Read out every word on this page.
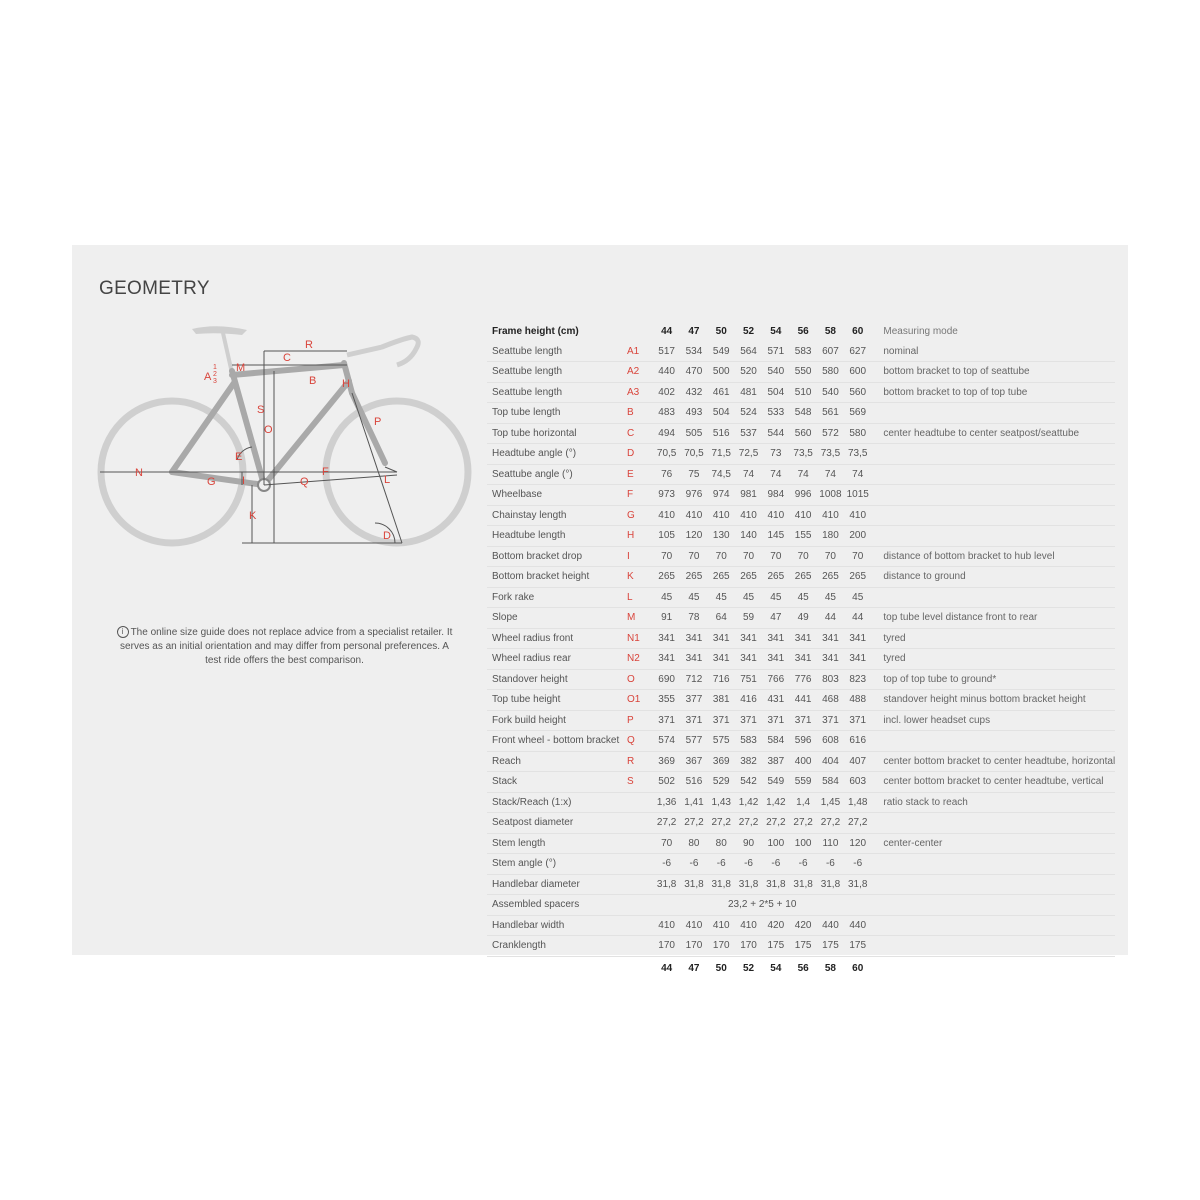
GEOMETRY
A
1
2
3
M
C
R
B H
S
O
P
E
N
G I	Q
F
L
K
D
i The online size guide does not replace advice from a specialist retailer. It serves as an initial orientation and may differ from personal preferences. A test ride offers the best comparison.
Frame height (cm)		44	47	50	52	54	56	58	60	Measuring mode
Seattube length	A1	517	534	549	564	571	583	607	627	nominal
Seattube length	A2	440	470	500	520	540	550	580	600	bottom bracket to top of seattube
Seattube length	A3	402	432	461	481	504	510	540	560	bottom bracket to top of top tube
Top tube length	B	483	493	504	524	533	548	561	569	
Top tube horizontal	C	494	505	516	537	544	560	572	580	center headtube to center seatpost/seattube
Headtube angle (°)	D	70,5	70,5	71,5	72,5	73	73,5	73,5	73,5	
Seattube angle (°)	E	76	75	74,5	74	74	74	74	74	
Wheelbase	F	973	976	974	981	984	996	1008	1015	
Chainstay length	G	410	410	410	410	410	410	410	410	
Headtube length	H	105	120	130	140	145	155	180	200	
Bottom bracket drop	I	70	70	70	70	70	70	70	70	distance of bottom bracket to hub level
Bottom bracket height	K	265	265	265	265	265	265	265	265	distance to ground
Fork rake	L	45	45	45	45	45	45	45	45	
Slope	M	91	78	64	59	47	49	44	44	top tube level distance front to rear
Wheel radius front	N1	341	341	341	341	341	341	341	341	tyred
Wheel radius rear	N2	341	341	341	341	341	341	341	341	tyred
Standover height	O	690	712	716	751	766	776	803	823	top of top tube to ground*
Top tube height	O1	355	377	381	416	431	441	468	488	standover height minus bottom bracket height
Fork build height	P	371	371	371	371	371	371	371	371	incl. lower headset cups
Front wheel - bottom bracket	Q	574	577	575	583	584	596	608	616	
Reach	R	369	367	369	382	387	400	404	407	center bottom bracket to center headtube, horizontal
Stack	S	502	516	529	542	549	559	584	603	center bottom bracket to center headtube, vertical
Stack/Reach (1:x)		1,36	1,41	1,43	1,42	1,42	1,4	1,45	1,48	ratio stack to reach
Seatpost diameter		27,2	27,2	27,2	27,2	27,2	27,2	27,2	27,2	
Stem length		70	80	80	90	100	100	110	120	center-center
Stem angle (°)		-6	-6	-6	-6	-6	-6	-6	-6	
Handlebar diameter		31,8	31,8	31,8	31,8	31,8	31,8	31,8	31,8	
Assembled spacers		23,2 + 2*5 + 10								
Handlebar width		410	410	410	410	420	420	440	440	
Cranklength		170	170	170	170	175	175	175	175	
		44	47	50	52	54	56	58	60	
